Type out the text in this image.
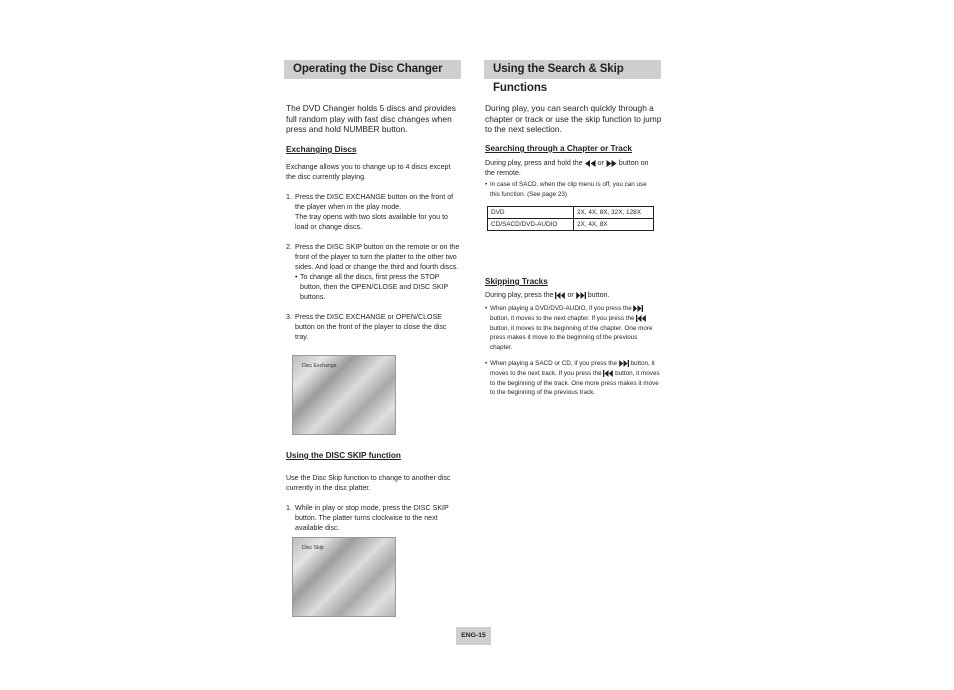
Operating the Disc Changer
The DVD Changer holds 5 discs and provides full random play with fast disc changes when press and hold NUMBER button.
Exchanging Discs
Exchange allows you to change up to 4 discs except the disc currently playing.
1. Press the DISC EXCHANGE button on the front of the player when in the play mode.
The tray opens with two slots available for you to load or change discs.
2. Press the DISC SKIP button on the remote or on the front of the player to turn the platter to the other two sides. And load or change the third and fourth discs.
• To change all the discs, first press the STOP button, then the OPEN/CLOSE and DISC SKIP buttons.
3. Press the DISC EXCHANGE or OPEN/CLOSE button on the front of the player to close the disc tray.
Disc Exchange
Using the DISC SKIP function
Use the Disc Skip function to change to another disc currently in the disc platter.
1. While in play or stop mode, press the DISC SKIP button. The platter turns clockwise to the next available disc.
Disc Skip
Using the Search & Skip Functions
During play, you can search quickly through a chapter or track or use the skip function to jump to the next selection.
Searching through a Chapter or Track
During play, press and hold the or button on the remote.
• In case of SACD, when the clip menu is off, you can use this function. (See page 23)
DVD	2X, 4X, 8X, 32X, 128X
CD/SACD/DVD-AUDIO	2X, 4X, 8X
Skipping Tracks
During play, press the or button.
• When playing a DVD/DVD-AUDIO, if you press the  button, it moves to the next chapter. If you press the  button, it moves to the beginning of the chapter. One more press makes it move to the beginning of the previous chapter.
• When playing a SACD or CD, if you press the button, it moves to the next track. If you press the button, it moves to the beginning of the track. One more press makes it move to the beginning of the previous track.
ENG-15
